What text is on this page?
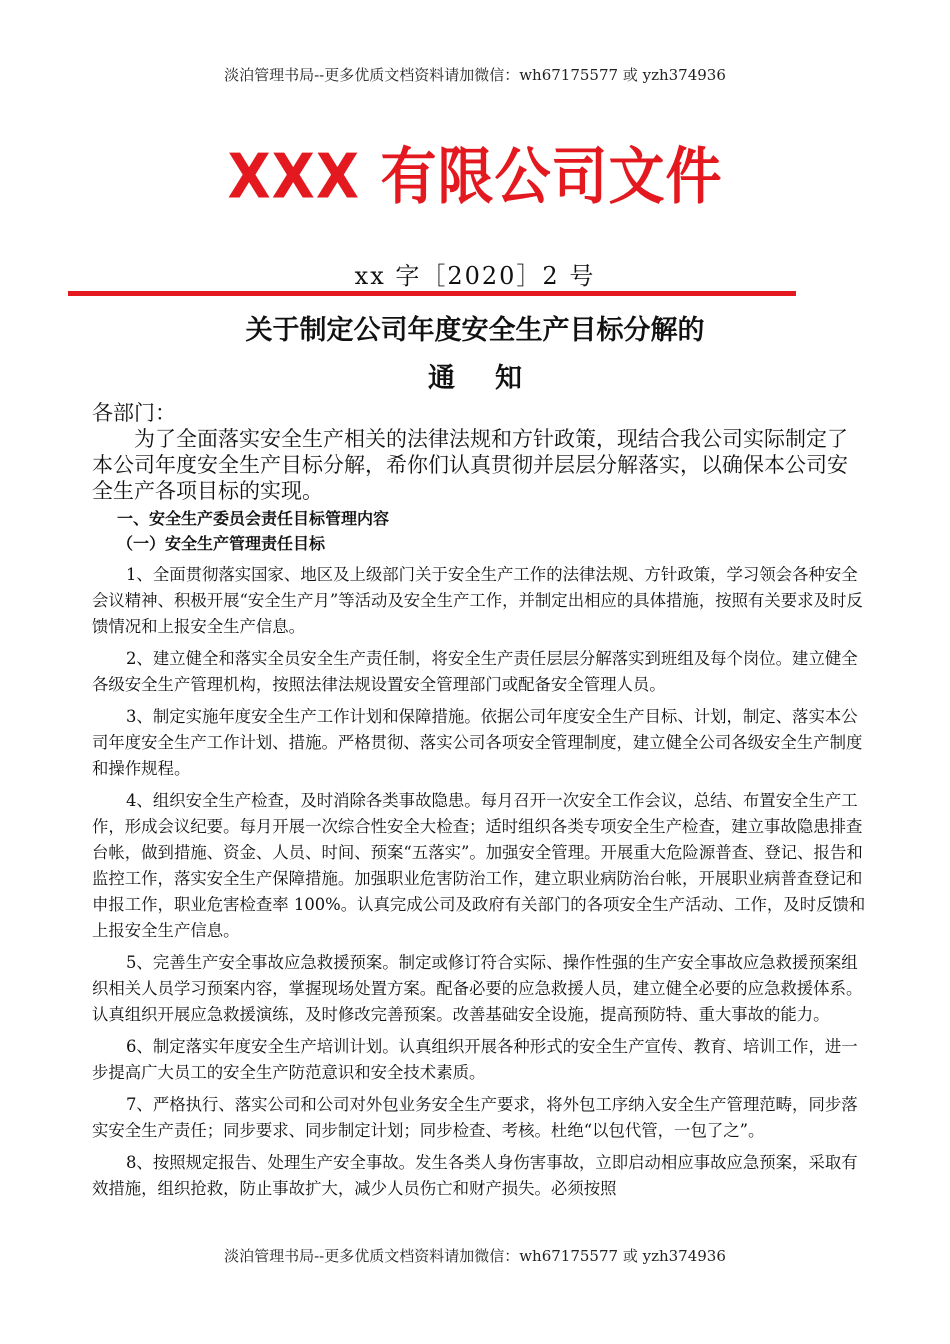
淡泊管理书局--更多优质文档资料请加微信：wh67175577 或 yzh374936
XXX 有限公司文件
xx 字［2020］2 号
关于制定公司年度安全生产目标分解的
通知
各部门：

为了全面落实安全生产相关的法律法规和方针政策，现结合我公司实际制定了本公司年度安全生产目标分解，希你们认真贯彻并层层分解落实，以确保本公司安全生产各项目标的实现。

一、安全生产委员会责任目标管理内容
（一）安全生产管理责任目标

1、全面贯彻落实国家、地区及上级部门关于安全生产工作的法律法规、方针政策，学习领会各种安全会议精神、积极开展“安全生产月”等活动及安全生产工作，并制定出相应的具体措施，按照有关要求及时反馈情况和上报安全生产信息。

2、建立健全和落实全员安全生产责任制，将安全生产责任层层分解落实到班组及每个岗位。建立健全各级安全生产管理机构，按照法律法规设置安全管理部门或配备安全管理人员。

3、制定实施年度安全生产工作计划和保障措施。依据公司年度安全生产目标、计划，制定、落实本公司年度安全生产工作计划、措施。严格贯彻、落实公司各项安全管理制度，建立健全公司各级安全生产制度和操作规程。

4、组织安全生产检查，及时消除各类事故隐患。每月召开一次安全工作会议，总结、布置安全生产工作，形成会议纪要。每月开展一次综合性安全大检查；适时组织各类专项安全生产检查，建立事故隐患排查台帐，做到措施、资金、人员、时间、预案“五落实”。加强安全管理。开展重大危险源普查、登记、报告和监控工作，落实安全生产保障措施。加强职业危害防治工作，建立职业病防治台帐，开展职业病普查登记和申报工作，职业危害检查率 100%。认真完成公司及政府有关部门的各项安全生产活动、工作，及时反馈和上报安全生产信息。

5、完善生产安全事故应急救援预案。制定或修订符合实际、操作性强的生产安全事故应急救援预案组织相关人员学习预案内容，掌握现场处置方案。配备必要的应急救援人员，建立健全必要的应急救援体系。认真组织开展应急救援演练，及时修改完善预案。改善基础安全设施，提高预防特、重大事故的能力。

6、制定落实年度安全生产培训计划。认真组织开展各种形式的安全生产宣传、教育、培训工作，进一步提高广大员工的安全生产防范意识和安全技术素质。

7、严格执行、落实公司和公司对外包业务安全生产要求，将外包工序纳入安全生产管理范畴，同步落实安全生产责任；同步要求、同步制定计划；同步检查、考核。杜绝“以包代管，一包了之”。

8、按照规定报告、处理生产安全事故。发生各类人身伤害事故，立即启动相应事故应急预案，采取有效措施，组织抢救，防止事故扩大，减少人员伤亡和财产损失。必须按照

淡泊管理书局--更多优质文档资料请加微信：wh67175577 或 yzh374936
